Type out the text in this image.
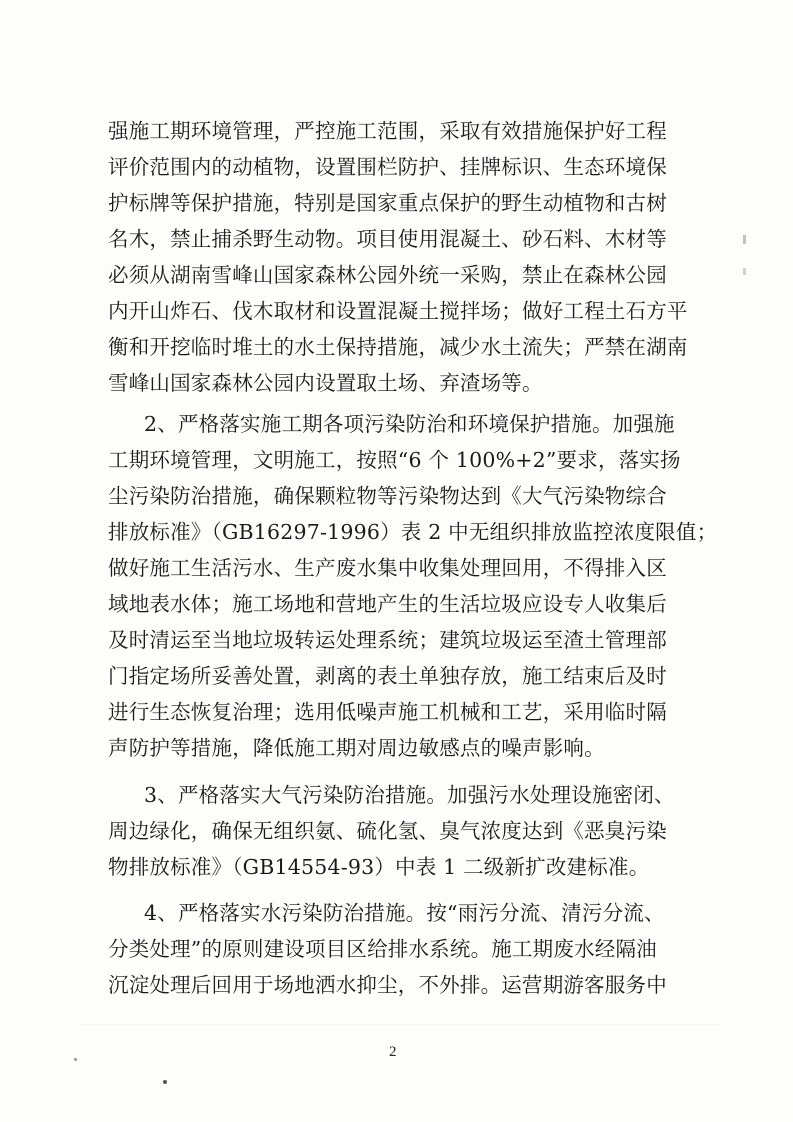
强施工期环境管理，严控施工范围，采取有效措施保护好工程
评价范围内的动植物，设置围栏防护、挂牌标识、生态环境保
护标牌等保护措施，特别是国家重点保护的野生动植物和古树
名木，禁止捕杀野生动物。项目使用混凝土、砂石料、木材等
必须从湖南雪峰山国家森林公园外统一采购，禁止在森林公园
内开山炸石、伐木取材和设置混凝土搅拌场；做好工程土石方平
衡和开挖临时堆土的水土保持措施，减少水土流失；严禁在湖南
雪峰山国家森林公园内设置取土场、弃渣场等。
2、严格落实施工期各项污染防治和环境保护措施。加强施
工期环境管理，文明施工，按照“6 个 100%+2”要求，落实扬
尘污染防治措施，确保颗粒物等污染物达到《大气污染物综合
排放标准》（GB16297-1996）表 2 中无组织排放监控浓度限值；
做好施工生活污水、生产废水集中收集处理回用，不得排入区
域地表水体；施工场地和营地产生的生活垃圾应设专人收集后
及时清运至当地垃圾转运处理系统；建筑垃圾运至渣土管理部
门指定场所妥善处置，剥离的表土单独存放，施工结束后及时
进行生态恢复治理；选用低噪声施工机械和工艺，采用临时隔
声防护等措施，降低施工期对周边敏感点的噪声影响。
3、严格落实大气污染防治措施。加强污水处理设施密闭、
周边绿化，确保无组织氨、硫化氢、臭气浓度达到《恶臭污染
物排放标准》（GB14554-93）中表 1 二级新扩改建标准。
4、严格落实水污染防治措施。按“雨污分流、清污分流、
分类处理”的原则建设项目区给排水系统。施工期废水经隔油
沉淀处理后回用于场地洒水抑尘，不外排。运营期游客服务中
2
